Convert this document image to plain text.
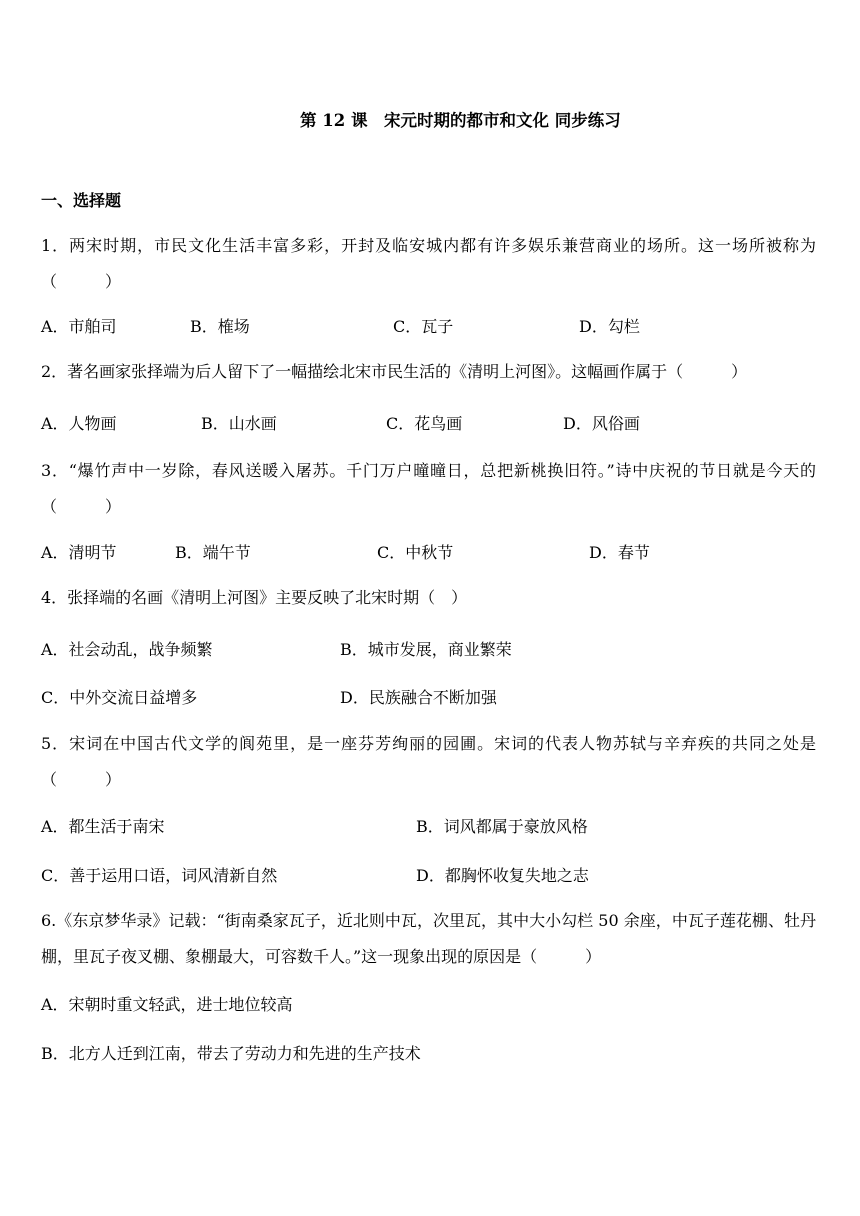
第 12 课　宋元时期的都市和文化 同步练习
一、选择题
1．两宋时期，市民文化生活丰富多彩，开封及临安城内都有许多娱乐兼营商业的场所。这一场所被称为（　　　）
A．市舶司	B．榷场	C．瓦子	D．勾栏
2．著名画家张择端为后人留下了一幅描绘北宋市民生活的《清明上河图》。这幅画作属于（　　　）
A．人物画	B．山水画	C．花鸟画	D．风俗画
3．“爆竹声中一岁除，春风送暖入屠苏。千门万户曈曈日，总把新桃换旧符。”诗中庆祝的节日就是今天的（　　　）
A．清明节	B．端午节	C．中秋节	D．春节
4．张择端的名画《清明上河图》主要反映了北宋时期（　）
A．社会动乱，战争频繁	B．城市发展，商业繁荣
C．中外交流日益增多	D．民族融合不断加强
5．宋词在中国古代文学的阆苑里，是一座芬芳绚丽的园圃。宋词的代表人物苏轼与辛弃疾的共同之处是（　　　）
A．都生活于南宋	B．词风都属于豪放风格
C．善于运用口语，词风清新自然	D．都胸怀收复失地之志
6.《东京梦华录》记载：“街南桑家瓦子，近北则中瓦，次里瓦，其中大小勾栏 50 余座，中瓦子莲花棚、牡丹棚，里瓦子夜叉棚、象棚最大，可容数千人。”这一现象出现的原因是（　　　）
A．宋朝时重文轻武，进士地位较高
B．北方人迁到江南，带去了劳动力和先进的生产技术
